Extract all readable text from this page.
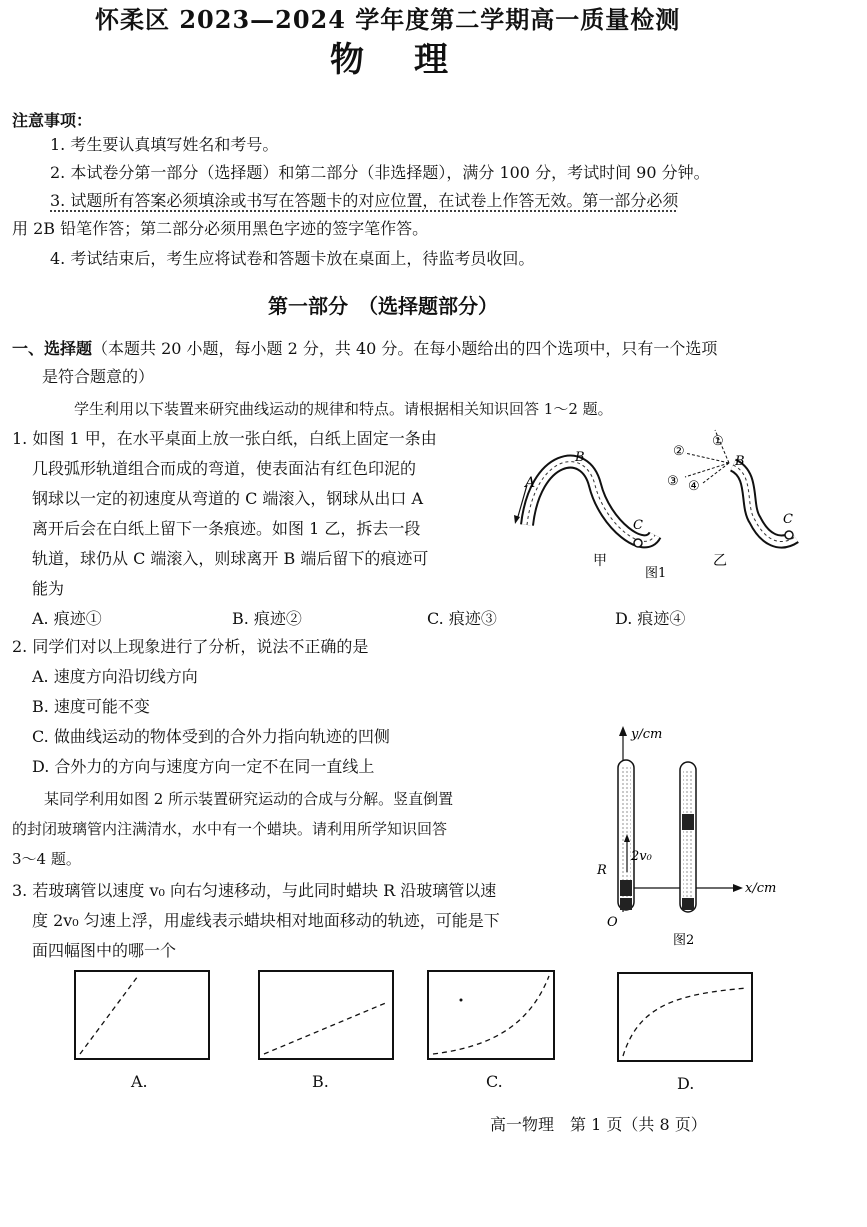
怀柔区 2023—2024 学年度第二学期高一质量检测
物理
注意事项：
1. 考生要认真填写姓名和考号。
2. 本试卷分第一部分（选择题）和第二部分（非选择题），满分 100 分，考试时间 90 分钟。
3. 试题所有答案必须填涂或书写在答题卡的对应位置，在试卷上作答无效。第一部分必须
用 2B 铅笔作答；第二部分必须用黑色字迹的签字笔作答。
4. 考试结束后，考生应将试卷和答题卡放在桌面上，待监考员收回。
第一部分　（选择题部分）
一、选择题（本题共 20 小题，每小题 2 分，共 40 分。在每小题给出的四个选项中，只有一个选项
是符合题意的）
学生利用以下装置来研究曲线运动的规律和特点。请根据相关知识回答 1～2 题。
1. 如图 1 甲，在水平桌面上放一张白纸，白纸上固定一条由
几段弧形轨道组合而成的弯道，使表面沾有红色印泥的
钢球以一定的初速度从弯道的 C 端滚入，钢球从出口 A
离开后会在白纸上留下一条痕迹。如图 1 乙，拆去一段
轨道，球仍从 C 端滚入，则球离开 B 端后留下的痕迹可
能为
A
B
C
甲
①
②
③ ④
B
C
图1
乙
A. 痕迹①	B. 痕迹②	C. 痕迹③	D. 痕迹④
2. 同学们对以上现象进行了分析，说法不正确的是
A. 速度方向沿切线方向
B. 速度可能不变
C. 做曲线运动的物体受到的合外力指向轨迹的凹侧
D. 合外力的方向与速度方向一定不在同一直线上
某同学利用如图 2 所示装置研究运动的合成与分解。竖直倒置
的封闭玻璃管内注满清水，水中有一个蜡块。请利用所学知识回答
3～4 题。
y/cm
x/cm
2v₀
R
O
图2
3. 若玻璃管以速度 v₀ 向右匀速移动，与此同时蜡块 R 沿玻璃管以速
度 2v₀ 匀速上浮，用虚线表示蜡块相对地面移动的轨迹，可能是下
面四幅图中的哪一个
A.	B.	C.	D.
高一物理　第 1 页（共 8 页）
